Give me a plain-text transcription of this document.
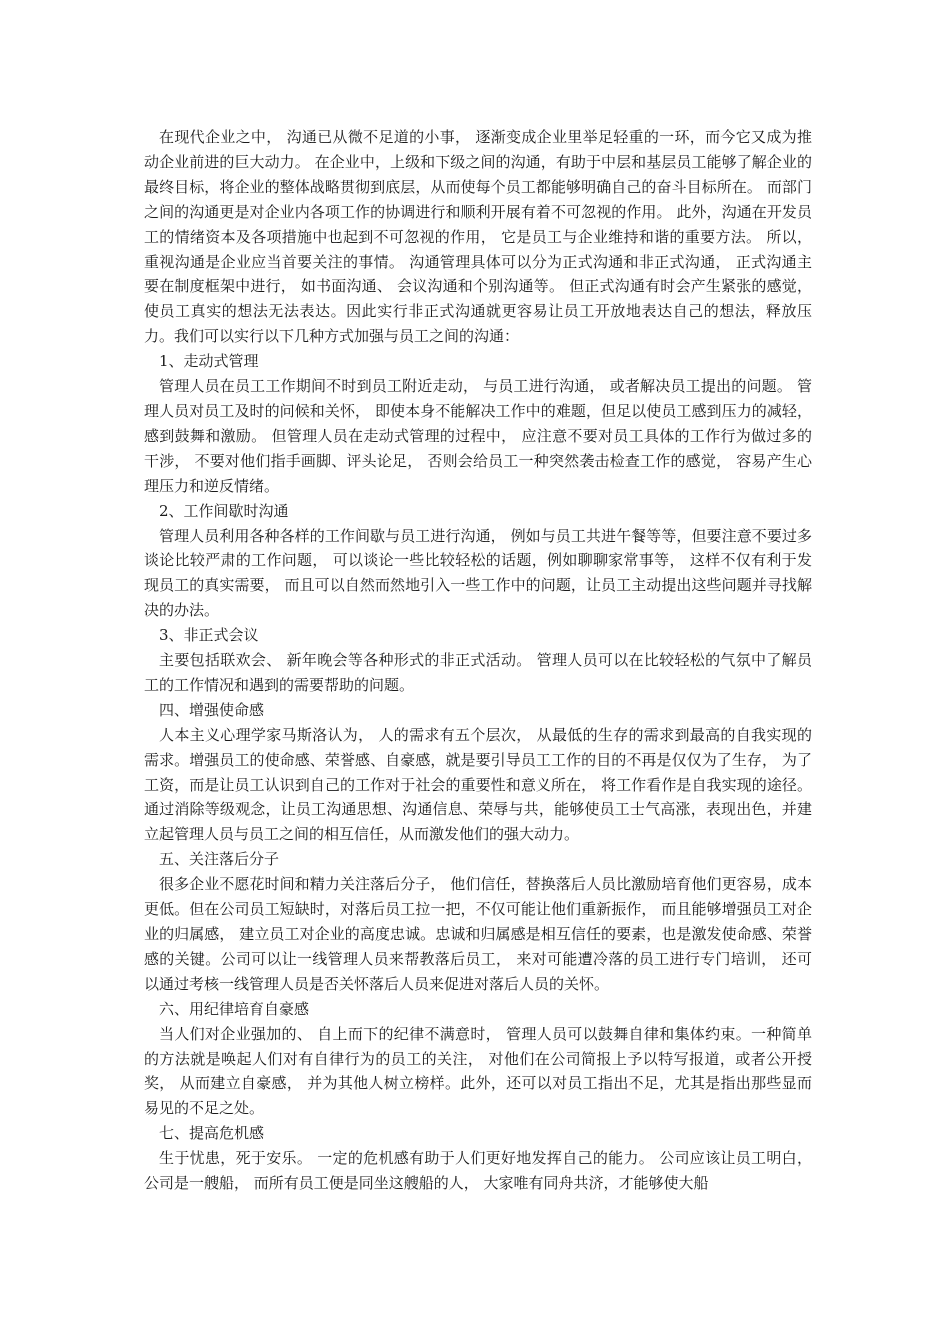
在现代企业之中， 沟通已从微不足道的小事， 逐渐变成企业里举足轻重的一环，而今它又成为推动企业前进的巨大动力。 在企业中，上级和下级之间的沟通，有助于中层和基层员工能够了解企业的最终目标，将企业的整体战略贯彻到底层，从而使每个员工都能够明确自己的奋斗目标所在。 而部门之间的沟通更是对企业内各项工作的协调进行和顺利开展有着不可忽视的作用。 此外，沟通在开发员工的情绪资本及各项措施中也起到不可忽视的作用， 它是员工与企业维持和谐的重要方法。 所以，重视沟通是企业应当首要关注的事情。 沟通管理具体可以分为正式沟通和非正式沟通， 正式沟通主要在制度框架中进行， 如书面沟通、 会议沟通和个别沟通等。 但正式沟通有时会产生紧张的感觉， 使员工真实的想法无法表达。因此实行非正式沟通就更容易让员工开放地表达自己的想法，释放压力。我们可以实行以下几种方式加强与员工之间的沟通：

1、走动式管理

管理人员在员工工作期间不时到员工附近走动， 与员工进行沟通， 或者解决员工提出的问题。 管理人员对员工及时的问候和关怀， 即使本身不能解决工作中的难题，但足以使员工感到压力的减轻， 感到鼓舞和激励。 但管理人员在走动式管理的过程中， 应注意不要对员工具体的工作行为做过多的干涉， 不要对他们指手画脚、评头论足， 否则会给员工一种突然袭击检查工作的感觉， 容易产生心理压力和逆反情绪。

2、工作间歇时沟通

管理人员利用各种各样的工作间歇与员工进行沟通， 例如与员工共进午餐等等，但要注意不要过多谈论比较严肃的工作问题， 可以谈论一些比较轻松的话题，例如聊聊家常事等， 这样不仅有利于发现员工的真实需要， 而且可以自然而然地引入一些工作中的问题，让员工主动提出这些问题并寻找解决的办法。

3、非正式会议

主要包括联欢会、 新年晚会等各种形式的非正式活动。 管理人员可以在比较轻松的气氛中了解员工的工作情况和遇到的需要帮助的问题。

四、增强使命感

人本主义心理学家马斯洛认为， 人的需求有五个层次， 从最低的生存的需求到最高的自我实现的需求。增强员工的使命感、荣誉感、自豪感，就是要引导员工工作的目的不再是仅仅为了生存， 为了工资，而是让员工认识到自己的工作对于社会的重要性和意义所在， 将工作看作是自我实现的途径。 通过消除等级观念，让员工沟通思想、沟通信息、荣辱与共，能够使员工士气高涨，表现出色，并建立起管理人员与员工之间的相互信任，从而激发他们的强大动力。

五、关注落后分子

很多企业不愿花时间和精力关注落后分子， 他们信任，替换落后人员比激励培育他们更容易，成本更低。但在公司员工短缺时，对落后员工拉一把，不仅可能让他们重新振作， 而且能够增强员工对企业的归属感， 建立员工对企业的高度忠诚。忠诚和归属感是相互信任的要素，也是激发使命感、荣誉感的关键。公司可以让一线管理人员来帮教落后员工， 来对可能遭冷落的员工进行专门培训， 还可以通过考核一线管理人员是否关怀落后人员来促进对落后人员的关怀。

六、用纪律培育自豪感

当人们对企业强加的、 自上而下的纪律不满意时， 管理人员可以鼓舞自律和集体约束。一种简单的方法就是唤起人们对有自律行为的员工的关注， 对他们在公司简报上予以特写报道，或者公开授奖， 从而建立自豪感， 并为其他人树立榜样。此外，还可以对员工指出不足，尤其是指出那些显而易见的不足之处。

七、提高危机感

生于忧患，死于安乐。 一定的危机感有助于人们更好地发挥自己的能力。 公司应该让员工明白， 公司是一艘船， 而所有员工便是同坐这艘船的人， 大家唯有同舟共济，才能够使大船
